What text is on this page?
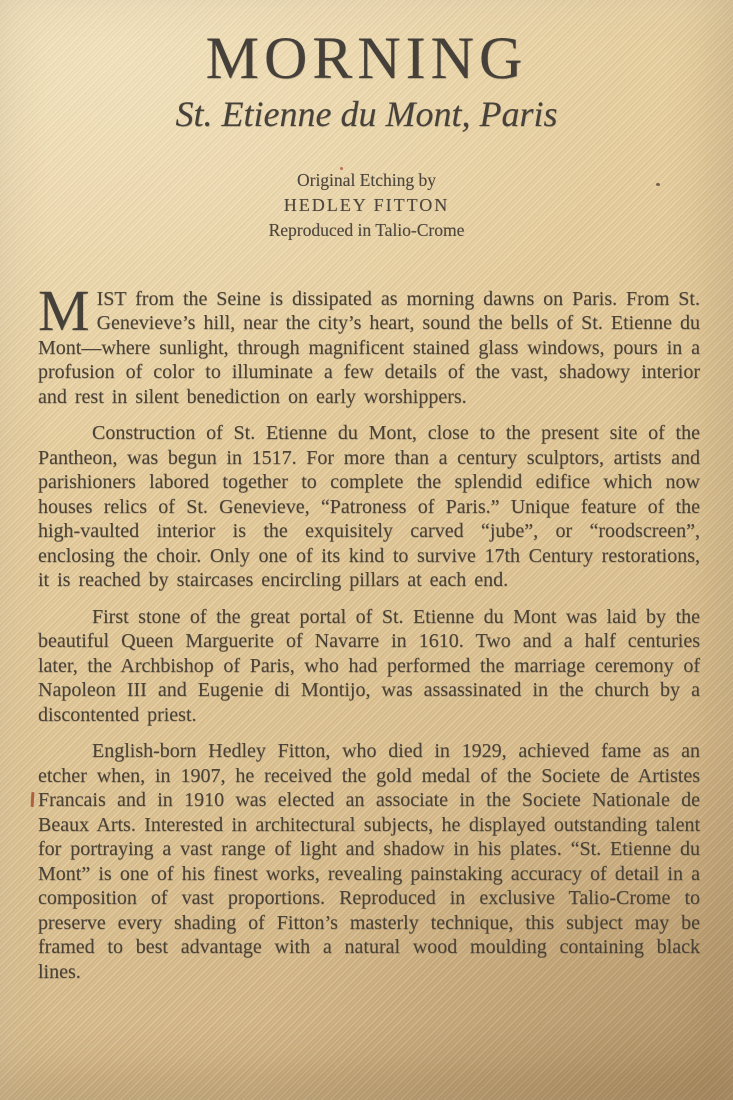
MORNING
St. Etienne du Mont, Paris
Original Etching by
HEDLEY FITTON
Reproduced in Talio-Crome

MIST from the Seine is dissipated as morning dawns on Paris. From St. Genevieve’s hill, near the city’s heart, sound the bells of St. Etienne du Mont—where sunlight, through magnificent stained glass windows, pours in a profusion of color to illuminate a few details of the vast, shadowy interior and rest in silent benediction on early worshippers.

Construction of St. Etienne du Mont, close to the present site of the Pantheon, was begun in 1517. For more than a century sculptors, artists and parishioners labored together to complete the splendid edifice which now houses relics of St. Genevieve, “Patroness of Paris.” Unique feature of the high-vaulted interior is the exquisitely carved “jube”, or “roodscreen”, enclosing the choir. Only one of its kind to survive 17th Century restorations, it is reached by staircases encircling pillars at each end.

First stone of the great portal of St. Etienne du Mont was laid by the beautiful Queen Marguerite of Navarre in 1610. Two and a half centuries later, the Archbishop of Paris, who had performed the marriage ceremony of Napoleon III and Eugenie di Montijo, was assassinated in the church by a discontented priest.

English-born Hedley Fitton, who died in 1929, achieved fame as an etcher when, in 1907, he received the gold medal of the Societe de Artistes Francais and in 1910 was elected an associate in the Societe Nationale de Beaux Arts. Interested in architectural subjects, he displayed outstanding talent for portraying a vast range of light and shadow in his plates. “St. Etienne du Mont” is one of his finest works, revealing painstaking accuracy of detail in a composition of vast proportions. Reproduced in exclusive Talio-Crome to preserve every shading of Fitton’s masterly technique, this subject may be framed to best advantage with a natural wood moulding containing black lines.
